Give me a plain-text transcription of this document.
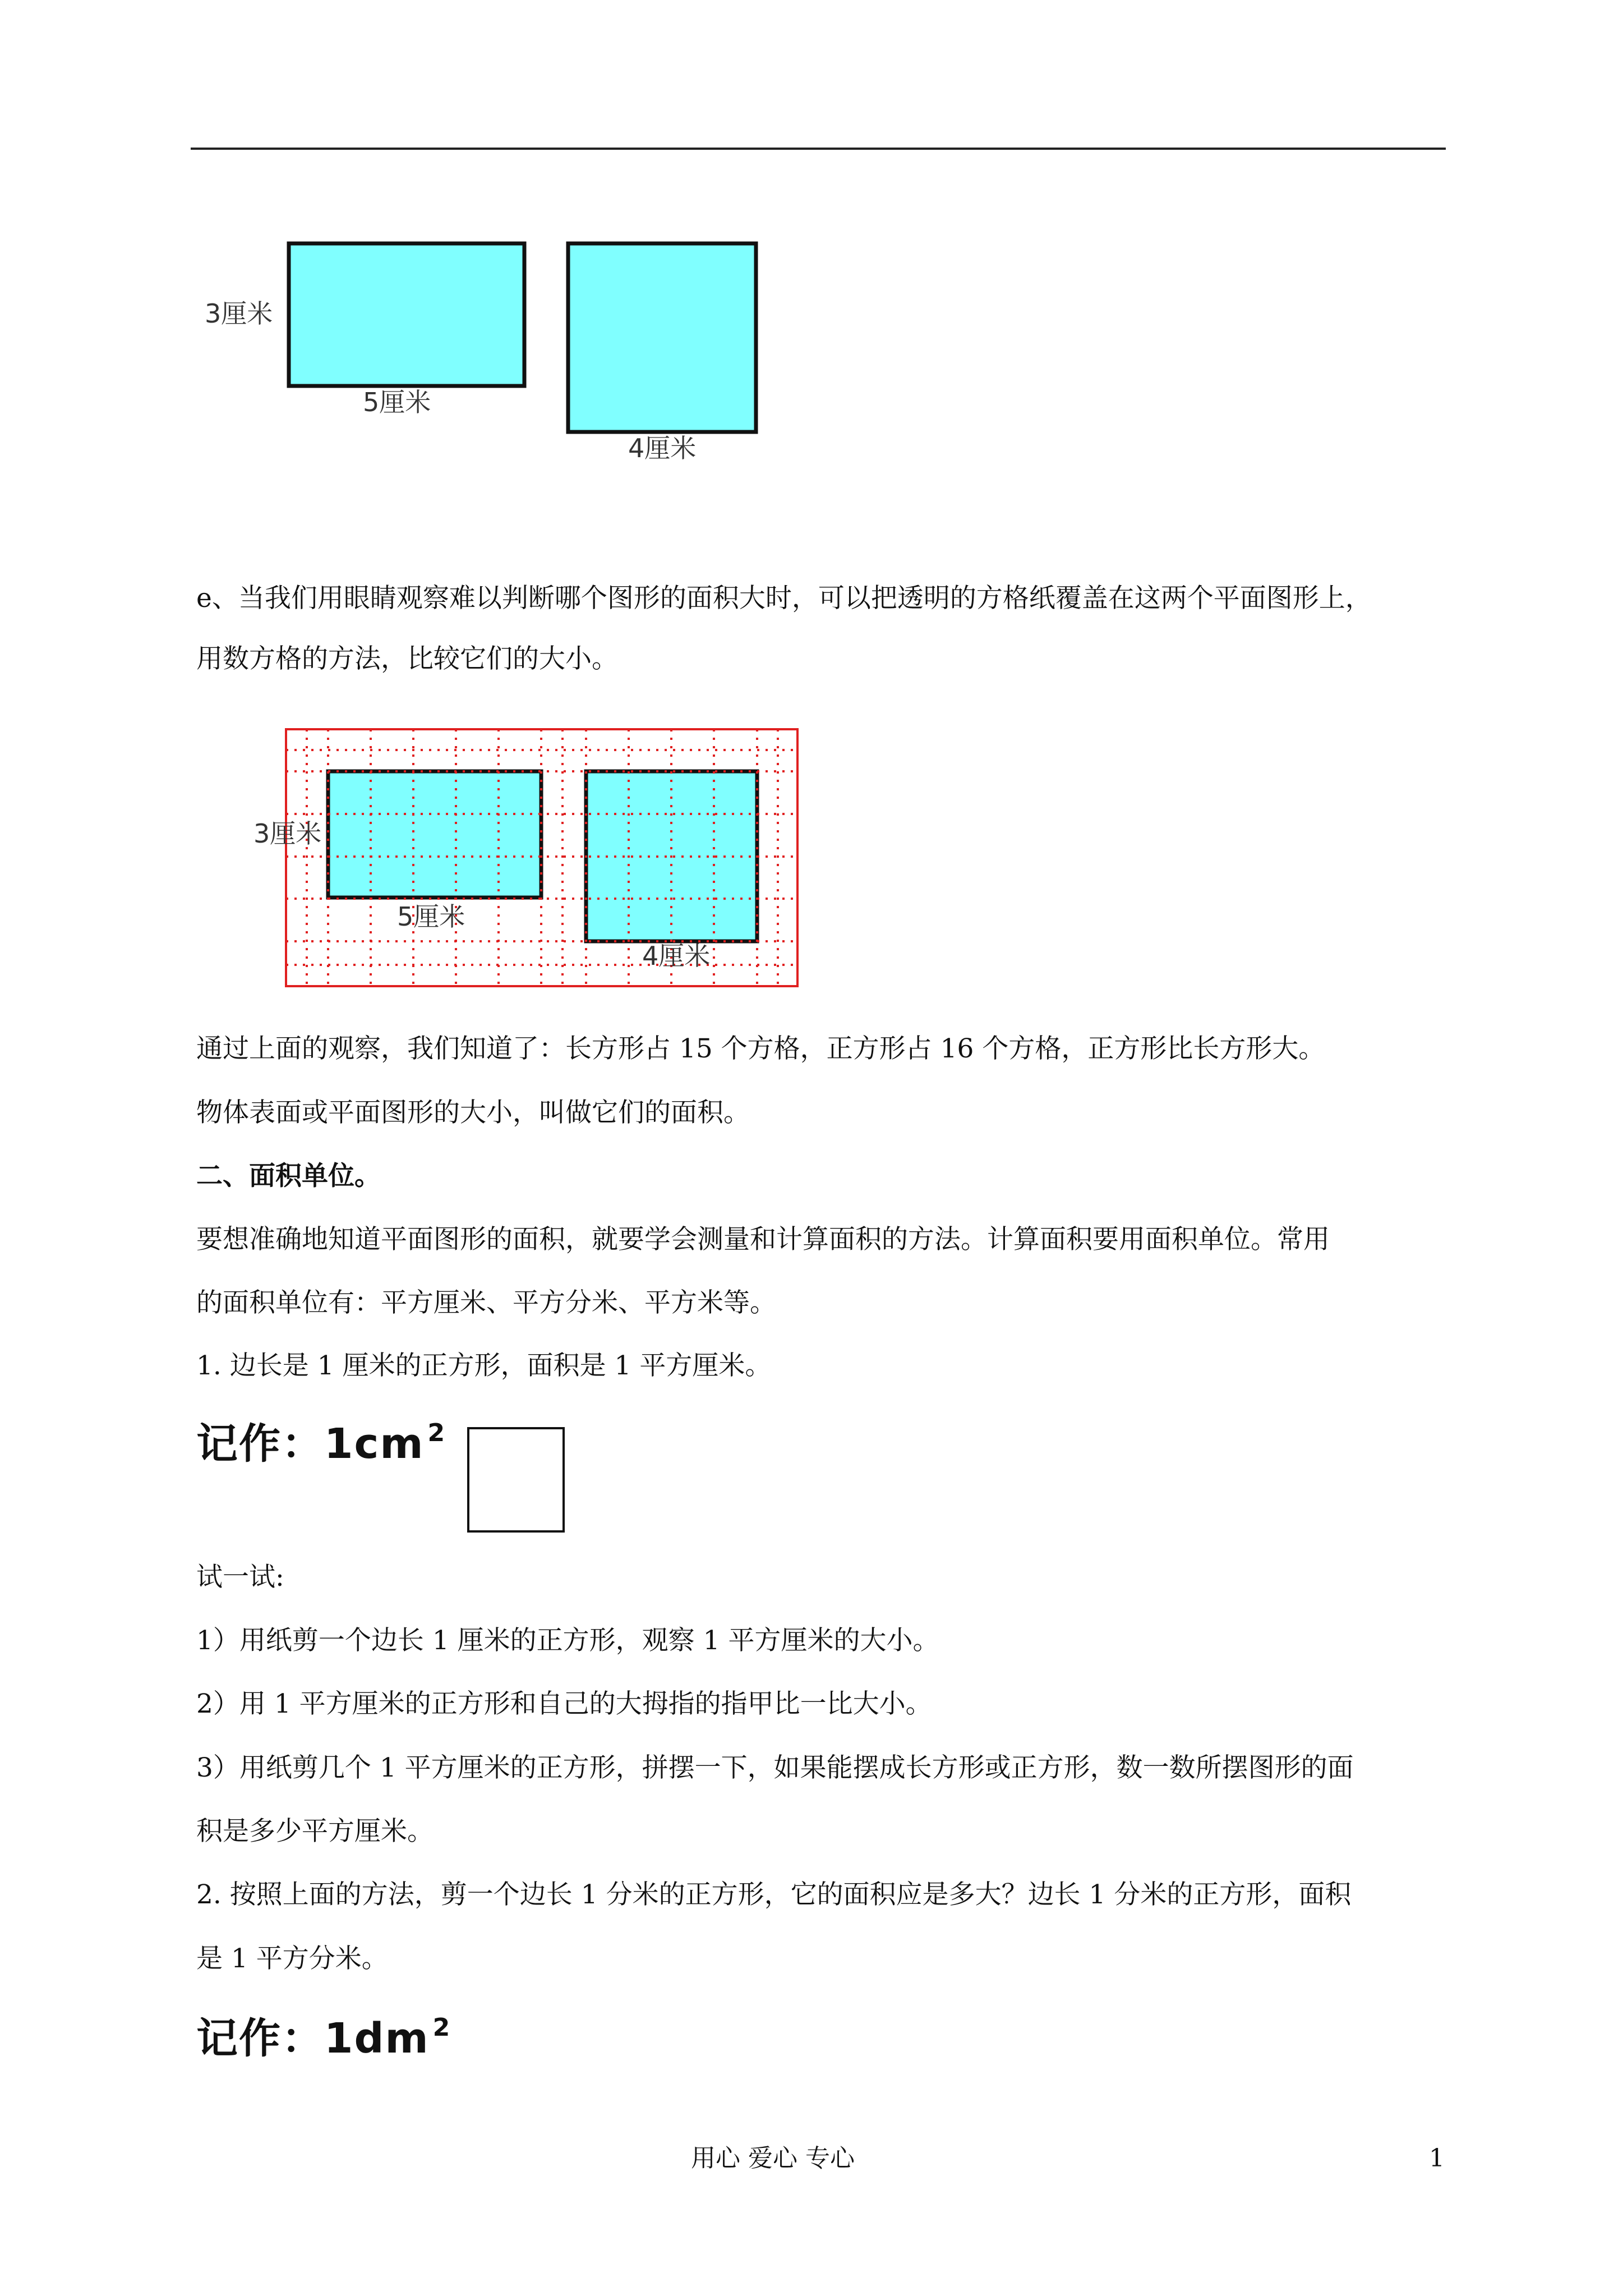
3厘米
5厘米
4厘米
e、当我们用眼睛观察难以判断哪个图形的面积大时，可以把透明的方格纸覆盖在这两个平面图形上，
用数方格的方法，比较它们的大小。
3厘米
5厘米
4厘米
通过上面的观察，我们知道了：长方形占 15 个方格，正方形占 16 个方格，正方形比长方形大。
物体表面或平面图形的大小，叫做它们的面积。
二、面积单位。
要想准确地知道平面图形的面积，就要学会测量和计算面积的方法。计算面积要用面积单位。常用
的面积单位有：平方厘米、平方分米、平方米等。
1. 边长是 1 厘米的正方形，面积是 1 平方厘米。
记作：1cm $^2$
试一试:
1）用纸剪一个边长 1 厘米的正方形，观察 1 平方厘米的大小。
2）用 1 平方厘米的正方形和自己的大拇指的指甲比一比大小。
3）用纸剪几个 1 平方厘米的正方形，拼摆一下，如果能摆成长方形或正方形，数一数所摆图形的面
积是多少平方厘米。
2. 按照上面的方法，剪一个边长 1 分米的正方形，它的面积应是多大？边长 1 分米的正方形，面积
是 1 平方分米。
记作：1dm $^2$
用心 爱心 专心	1
